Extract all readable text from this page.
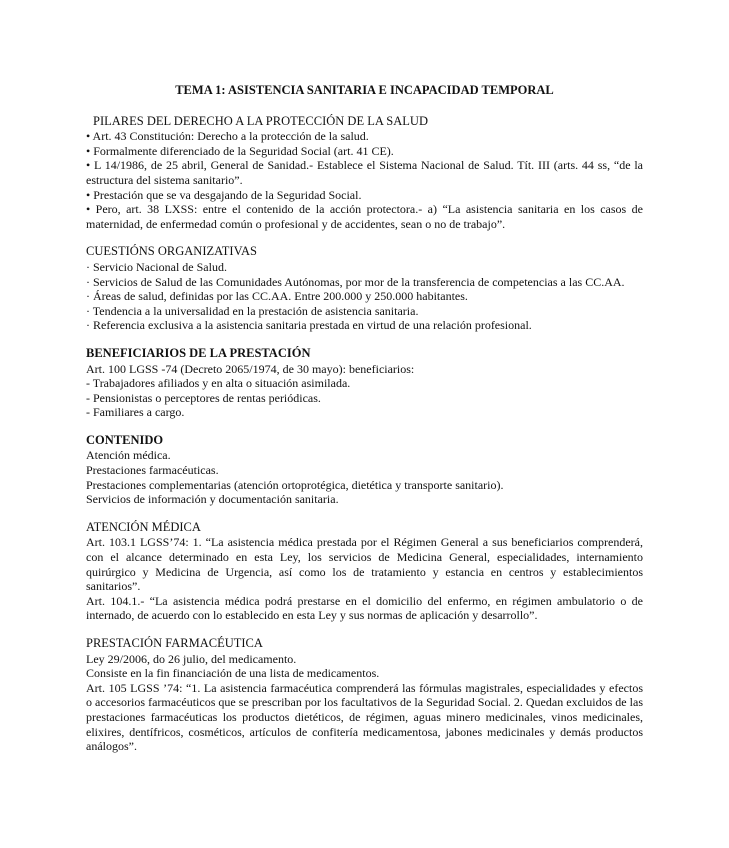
TEMA 1: ASISTENCIA SANITARIA E INCAPACIDAD TEMPORAL
PILARES DEL DERECHO A LA PROTECCIÓN DE LA SALUD
• Art. 43 Constitución: Derecho a la protección de la salud.
• Formalmente diferenciado de la Seguridad Social (art. 41 CE).
• L 14/1986, de 25 abril, General de Sanidad.- Establece el Sistema Nacional de Salud. Tít. III (arts. 44 ss, “de la estructura del sistema sanitario”.
• Prestación que se va desgajando de la Seguridad Social.
• Pero, art. 38 LXSS: entre el contenido de la acción protectora.- a) “La asistencia sanitaria en los casos de maternidad, de enfermedad común o profesional y de accidentes, sean o no de trabajo”.
CUESTIÓNS ORGANIZATIVAS
· Servicio Nacional de Salud.
· Servicios de Salud de las Comunidades Autónomas, por mor de la transferencia de competencias a las CC.AA.
· Áreas de salud, definidas por las CC.AA. Entre 200.000 y 250.000 habitantes.
· Tendencia a la universalidad en la prestación de asistencia sanitaria.
· Referencia exclusiva a la asistencia sanitaria prestada en virtud de una relación profesional.
BENEFICIARIOS DE LA PRESTACIÓN
Art. 100 LGSS -74 (Decreto 2065/1974, de 30 mayo): beneficiarios:
- Trabajadores afiliados y en alta o situación asimilada.
- Pensionistas o perceptores de rentas periódicas.
- Familiares a cargo.
CONTENIDO
Atención médica.
Prestaciones farmacéuticas.
Prestaciones complementarias (atención ortoprotégica, dietética y transporte sanitario).
Servicios de información y documentación sanitaria.
ATENCIÓN MÉDICA
Art. 103.1 LGSS’74: 1. “La asistencia médica prestada por el Régimen General a sus beneficiarios comprenderá, con el alcance determinado en esta Ley, los servicios de Medicina General, especialidades, internamiento quirúrgico y Medicina de Urgencia, así como los de tratamiento y estancia en centros y establecimientos sanitarios”.
Art. 104.1.- “La asistencia médica podrá prestarse en el domicilio del enfermo, en régimen ambulatorio o de internado, de acuerdo con lo establecido en esta Ley y sus normas de aplicación y desarrollo”.
PRESTACIÓN FARMACÉUTICA
Ley 29/2006, do 26 julio, del medicamento.
Consiste en la fin financiación de una lista de medicamentos.
Art. 105 LGSS ’74: “1. La asistencia farmacéutica comprenderá las fórmulas magistrales, especialidades y efectos o accesorios farmacéuticos que se prescriban por los facultativos de la Seguridad Social. 2. Quedan excluidos de las prestaciones farmacéuticas los productos dietéticos, de régimen, aguas minero medicinales, vinos medicinales, elixires, dentífricos, cosméticos, artículos de confitería medicamentosa, jabones medicinales y demás productos análogos”.
